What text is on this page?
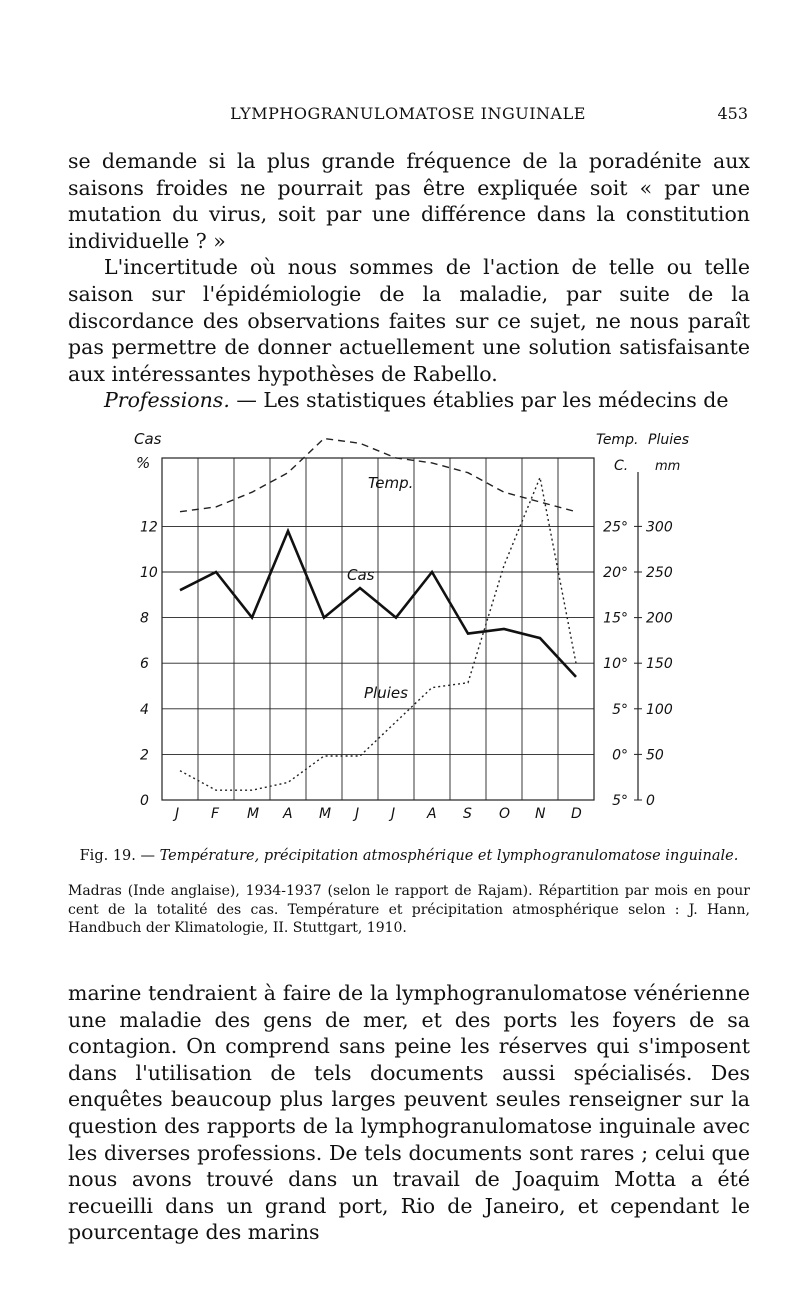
LYMPHOGRANULOMATOSE INGUINALE	453

se demande si la plus grande fréquence de la poradénite aux saisons froides ne pourrait pas être expliquée soit « par une mutation du virus, soit par une différence dans la constitution individuelle ? »

L'incertitude où nous sommes de l'action de telle ou telle saison sur l'épidémiologie de la maladie, par suite de la discordance des observations faites sur ce sujet, ne nous paraît pas permettre de donner actuellement une solution satisfaisante aux intéressantes hypothèses de Rabello.

Professions. — Les statistiques établies par les médecins de

0
2
4
6
8
10
12
J F M A M J J A S O N D
5°
0°
5°
10°
15°
20°
25°
0
50
100
150
200
250
300
Cas
%
Temp. Pluies
C. mm
Temp.
Cas
Pluies
Fig. 19. — Température, précipitation atmosphérique et lymphogranulomatose inguinale.
Madras (Inde anglaise), 1934-1937 (selon le rapport de Rajam). Répartition par mois en pour cent de la totalité des cas. Température et précipitation atmosphérique selon : J. Hann, Handbuch der Klimatologie, II. Stuttgart, 1910.

marine tendraient à faire de la lymphogranulomatose vénérienne une maladie des gens de mer, et des ports les foyers de sa contagion. On comprend sans peine les réserves qui s'imposent dans l'utilisation de tels documents aussi spécialisés. Des enquêtes beaucoup plus larges peuvent seules renseigner sur la question des rapports de la lymphogranulomatose inguinale avec les diverses professions. De tels documents sont rares ; celui que nous avons trouvé dans un travail de Joaquim Motta a été recueilli dans un grand port, Rio de Janeiro, et cependant le pourcentage des marins
